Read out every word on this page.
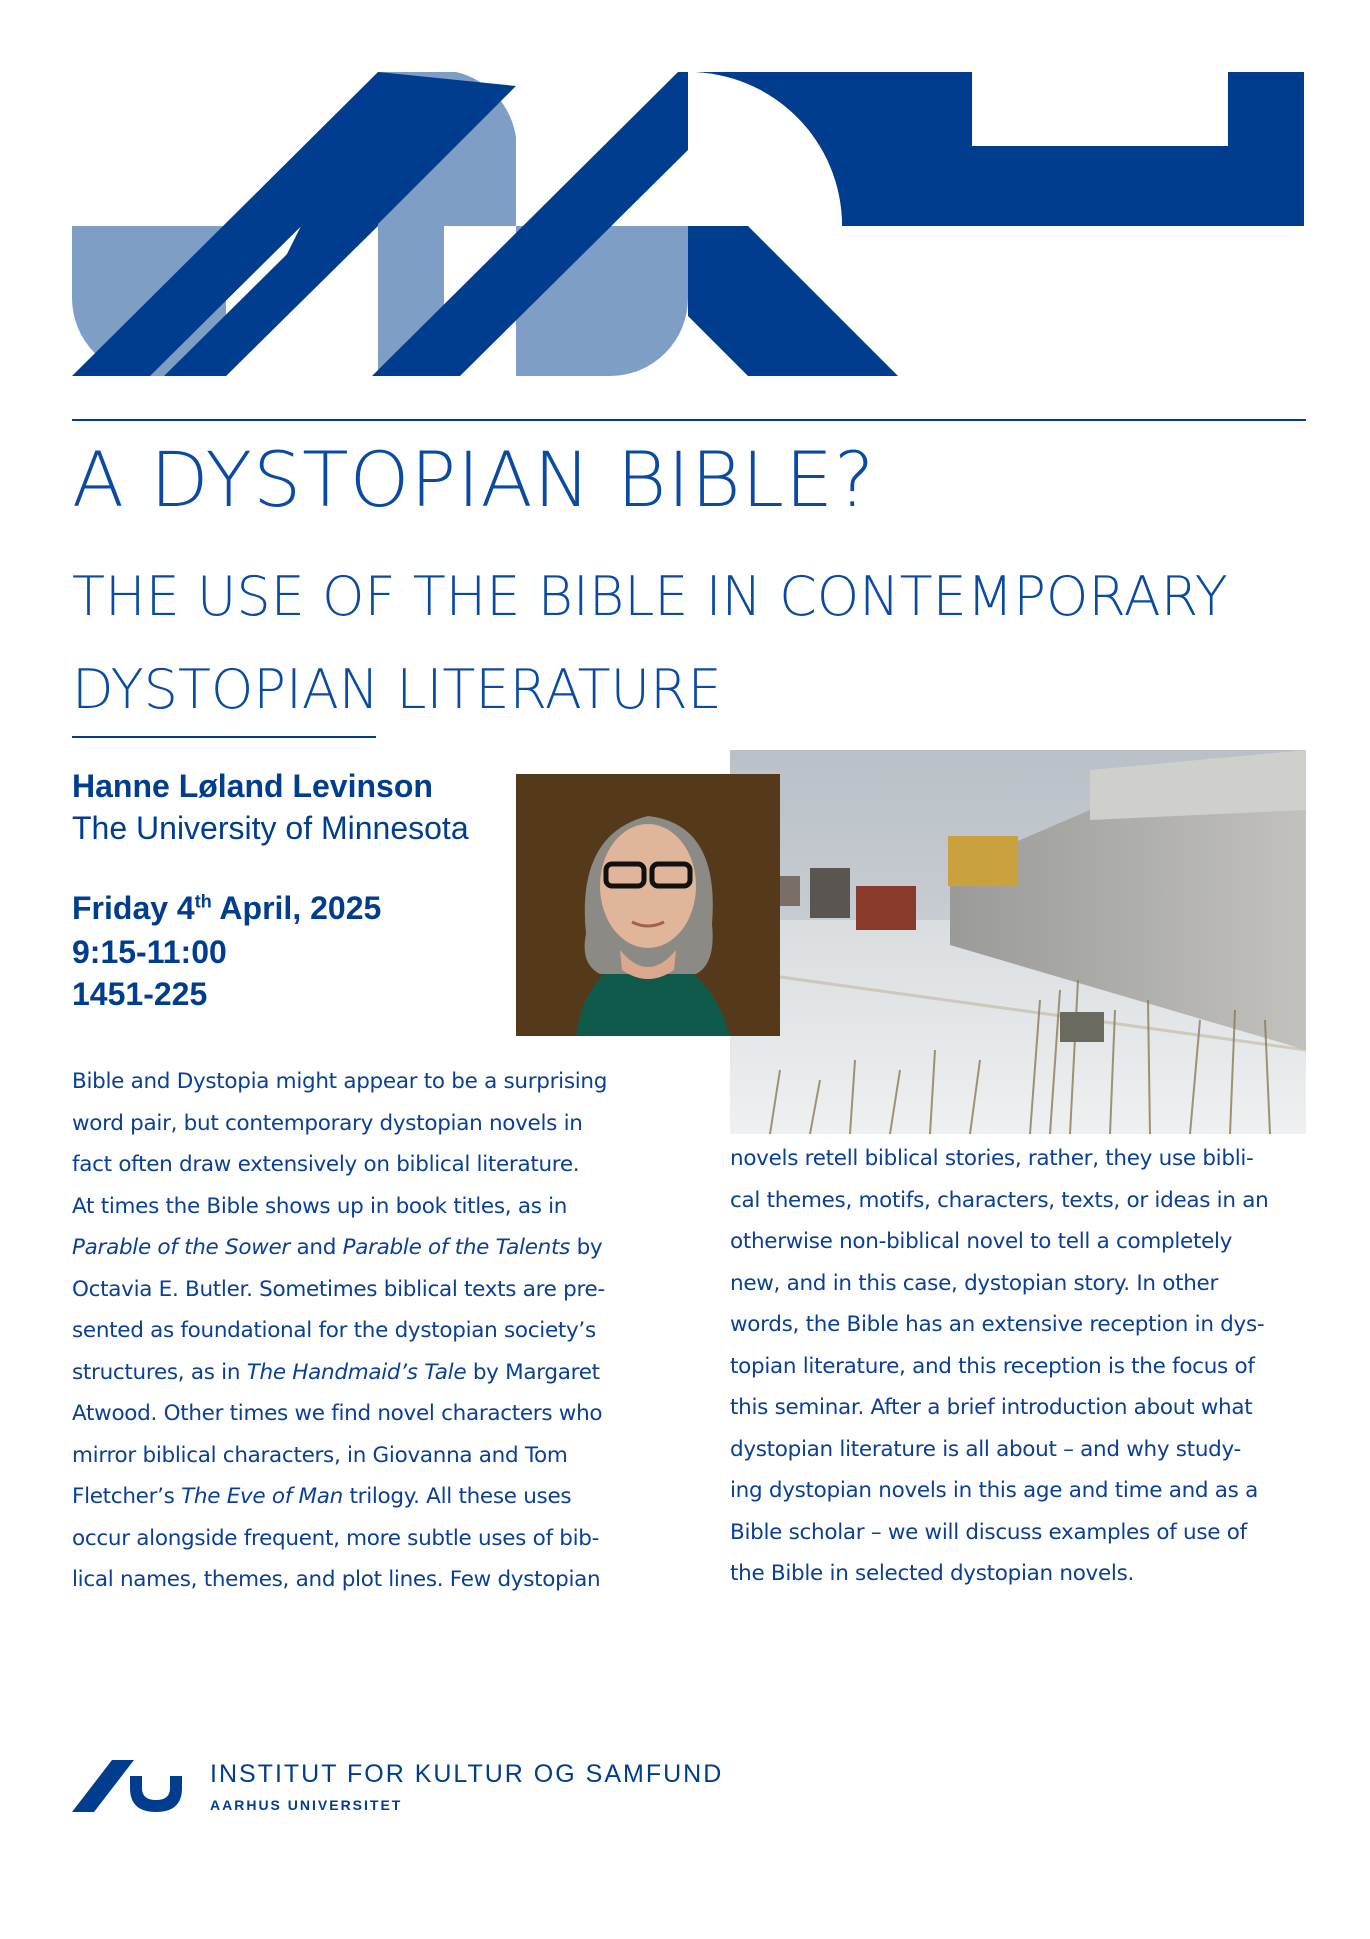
A DYSTOPIAN BIBLE?
THE USE OF THE BIBLE IN CONTEMPORARY
DYSTOPIAN LITERATURE
Hanne Løland Levinson
The University of Minnesota
Friday 4th April, 2025
9:15-11:00
1451-225
Bible and Dystopia might appear to be a surprising
word pair, but contemporary dystopian novels in
fact often draw extensively on biblical literature.
At times the Bible shows up in book titles, as in
Parable of the Sower and Parable of the Talents by
Octavia E. Butler. Sometimes biblical texts are pre-
sented as foundational for the dystopian society’s
structures, as in The Handmaid’s Tale by Margaret
Atwood. Other times we find novel characters who
mirror biblical characters, in Giovanna and Tom
Fletcher’s The Eve of Man trilogy. All these uses
occur alongside frequent, more subtle uses of bib-
lical names, themes, and plot lines. Few dystopian
novels retell biblical stories, rather, they use bibli-
cal themes, motifs, characters, texts, or ideas in an
otherwise non-biblical novel to tell a completely
new, and in this case, dystopian story. In other
words, the Bible has an extensive reception in dys-
topian literature, and this reception is the focus of
this seminar. After a brief introduction about what
dystopian literature is all about – and why study-
ing dystopian novels in this age and time and as a
Bible scholar – we will discuss examples of use of
the Bible in selected dystopian novels.
INSTITUT FOR KULTUR OG SAMFUND
AARHUS UNIVERSITET
